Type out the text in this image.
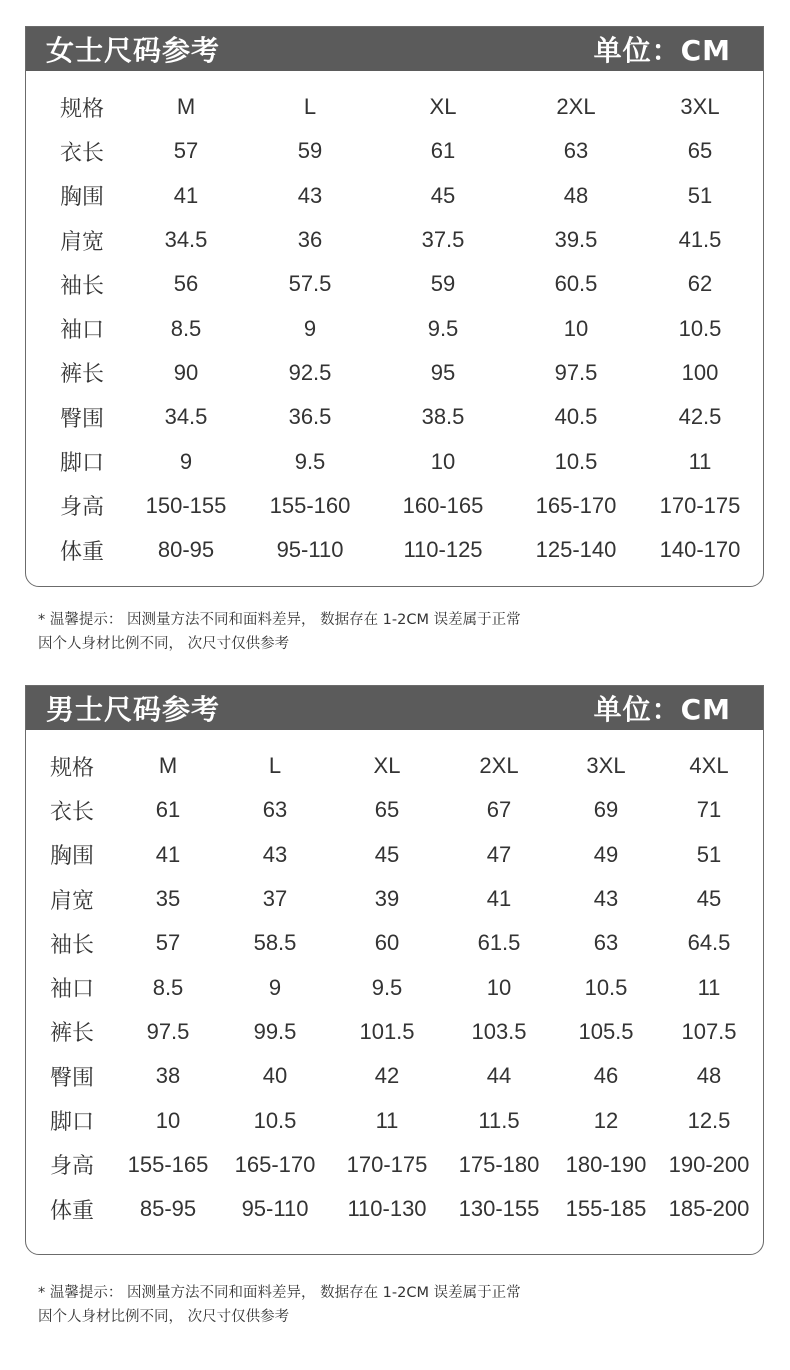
女士尺码参考	单位：CM
规格	M	L	XL	2XL	3XL
衣长	57	59	61	63	65
胸围	41	43	45	48	51
肩宽	34.5	36	37.5	39.5	41.5
袖长	56	57.5	59	60.5	62
袖口	8.5	9	9.5	10	10.5
裤长	90	92.5	95	97.5	100
臀围	34.5	36.5	38.5	40.5	42.5
脚口	9	9.5	10	10.5	11
身高	150-155	155-160	160-165	165-170	170-175
体重	80-95	95-110	110-125	125-140	140-170
* 温馨提示： 因测量方法不同和面料差异， 数据存在 1-2CM 误差属于正常
因个人身材比例不同， 次尺寸仅供参考
男士尺码参考	单位：CM
规格	M	L	XL	2XL	3XL	4XL
衣长	61	63	65	67	69	71
胸围	41	43	45	47	49	51
肩宽	35	37	39	41	43	45
袖长	57	58.5	60	61.5	63	64.5
袖口	8.5	9	9.5	10	10.5	11
裤长	97.5	99.5	101.5	103.5	105.5	107.5
臀围	38	40	42	44	46	48
脚口	10	10.5	11	11.5	12	12.5
身高	155-165	165-170	170-175	175-180	180-190	190-200
体重	85-95	95-110	110-130	130-155	155-185	185-200
* 温馨提示： 因测量方法不同和面料差异， 数据存在 1-2CM 误差属于正常
因个人身材比例不同， 次尺寸仅供参考
